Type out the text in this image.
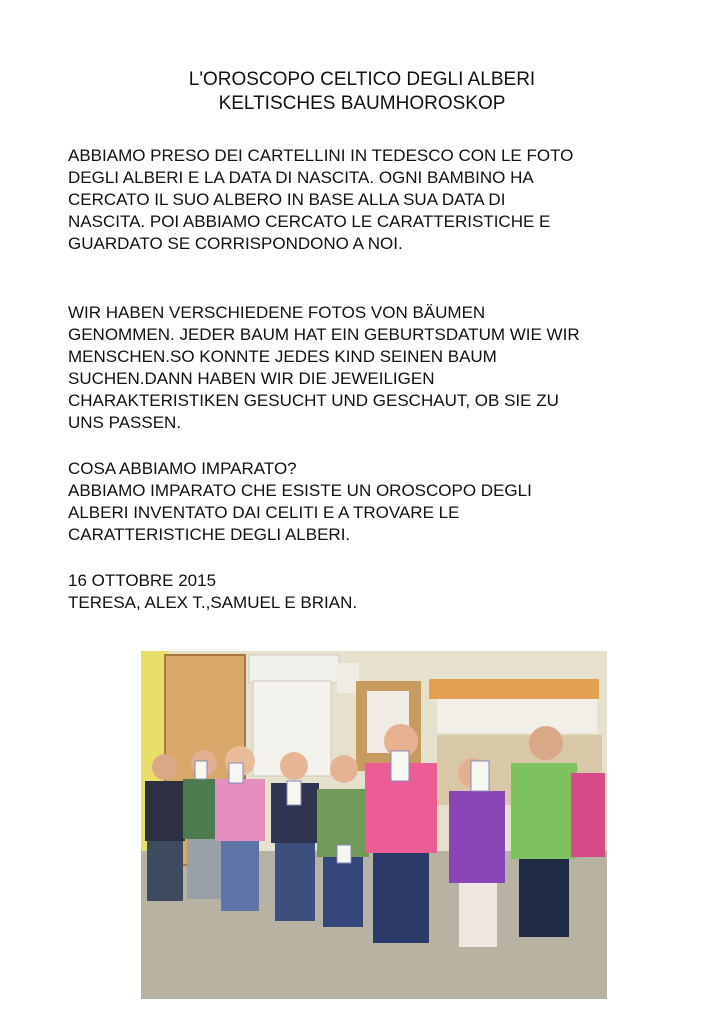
L'OROSCOPO CELTICO DEGLI ALBERI
KELTISCHES BAUMHOROSKOP

ABBIAMO PRESO DEI CARTELLINI IN TEDESCO CON LE FOTO

DEGLI ALBERI E LA DATA DI NASCITA. OGNI BAMBINO HA

CERCATO IL SUO ALBERO IN BASE ALLA SUA DATA DI

NASCITA. POI ABBIAMO CERCATO LE CARATTERISTICHE E

GUARDATO SE CORRISPONDONO A NOI.

WIR HABEN VERSCHIEDENE FOTOS VON BÄUMEN

GENOMMEN. JEDER BAUM HAT EIN GEBURTSDATUM WIE WIR

MENSCHEN.SO KONNTE JEDES KIND SEINEN BAUM

SUCHEN.DANN HABEN WIR DIE JEWEILIGEN

CHARAKTERISTIKEN GESUCHT UND GESCHAUT, OB SIE ZU

UNS PASSEN.

COSA ABBIAMO IMPARATO?

ABBIAMO IMPARATO CHE ESISTE UN OROSCOPO DEGLI

ALBERI INVENTATO DAI CELITI E A TROVARE LE

CARATTERISTICHE DEGLI ALBERI.

16 OTTOBRE 2015

TERESA, ALEX T.,SAMUEL E BRIAN.
